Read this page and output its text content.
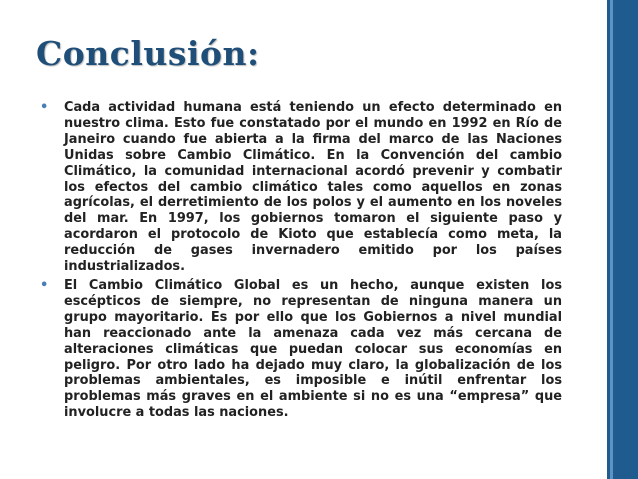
Conclusión:

• Cada actividad humana está teniendo un efecto determinado en nuestro clima. Esto fue constatado por el mundo en 1992 en Río de Janeiro cuando fue abierta a la firma del marco de las Naciones Unidas sobre Cambio Climático. En la Convención del cambio Climático, la comunidad internacional acordó prevenir y combatir los efectos del cambio climático tales como aquellos en zonas agrícolas, el derretimiento de los polos y el aumento en los noveles del mar. En 1997, los gobiernos tomaron el siguiente paso y acordaron el protocolo de Kioto que establecía como meta, la reducción de gases invernadero emitido por los países industrializados.

• El Cambio Climático Global es un hecho, aunque existen los escépticos de siempre, no representan de ninguna manera un grupo mayoritario. Es por ello que los Gobiernos a nivel mundial han reaccionado ante la amenaza cada vez más cercana de alteraciones climáticas que puedan colocar sus economías en peligro. Por otro lado ha dejado muy claro, la globalización de los problemas ambientales, es imposible e inútil enfrentar los problemas más graves en el ambiente si no es una “empresa” que involucre a todas las naciones.
